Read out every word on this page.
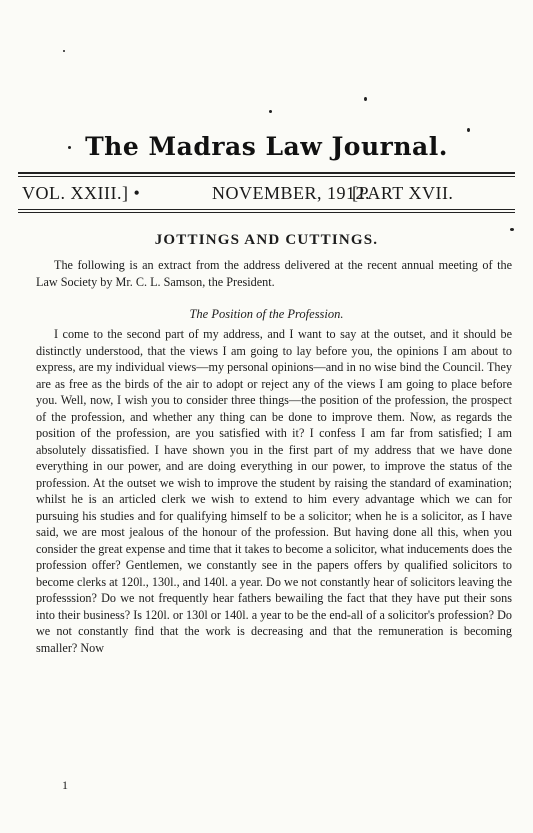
The Madras Law Journal.
VOL. XXIII.] •	NOVEMBER, 1912.
[PART XVII.
JOTTINGS AND CUTTINGS.

The following is an extract from the address delivered at the recent annual meeting of the Law Society by Mr. C. L. Samson, the President.

The Position of the Profession.

I come to the second part of my address, and I want to say at the outset, and it should be distinctly understood, that the views I am going to lay before you, the opinions I am about to express, are my individual views—my personal opinions—and in no wise bind the Council. They are as free as the birds of the air to adopt or reject any of the views I am going to place before you. Well, now, I wish you to consider three things—the position of the profession, the prospect of the profession, and whether any thing can be done to improve them. Now, as regards the position of the profession, are you satisfied with it? I confess I am far from satisfied; I am absolutely dissatisfied. I have shown you in the first part of my address that we have done everything in our power, and are doing everything in our power, to improve the status of the profession. At the outset we wish to improve the student by raising the standard of examination; whilst he is an articled clerk we wish to extend to him every advantage which we can for pursuing his studies and for qualifying himself to be a solicitor; when he is a solicitor, as I have said, we are most jealous of the honour of the profession. But having done all this, when you consider the great expense and time that it takes to become a solicitor, what inducements does the profession offer? Gentlemen, we constantly see in the papers offers by qualified solicitors to become clerks at 120l., 130l., and 140l. a year. Do we not constantly hear of solicitors leaving the professsion? Do we not frequently hear fathers bewailing the fact that they have put their sons into their business? Is 120l. or 130l or 140l. a year to be the end-all of a solicitor's profession? Do we not constantly find that the work is decreasing and that the remuneration is becoming smaller? Now

1
